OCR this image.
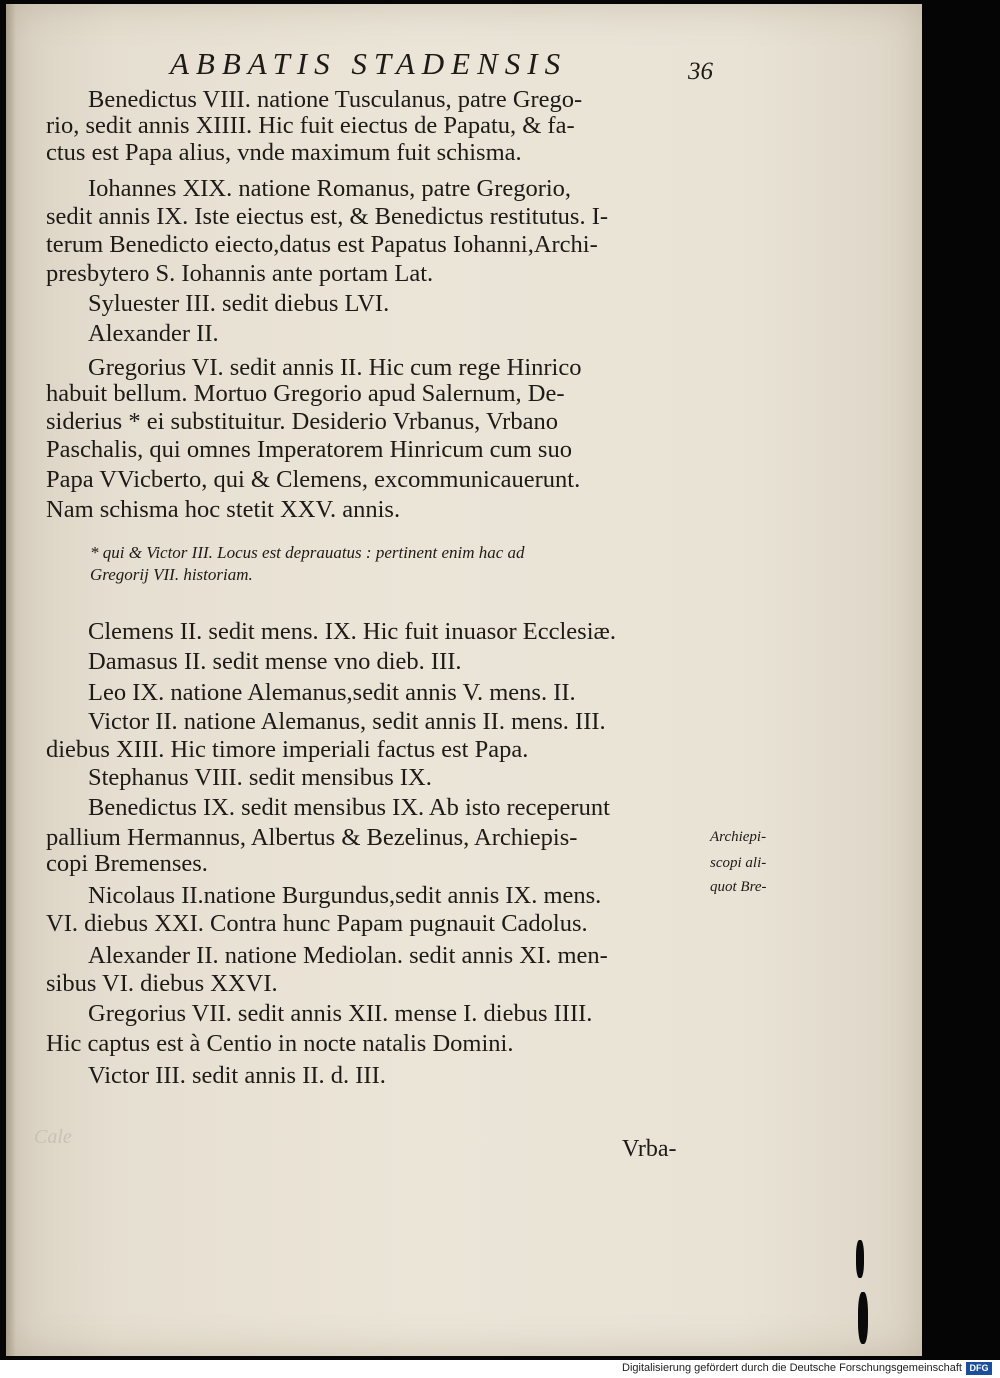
ABBATIS STADENSIS	36
Benedictus VIII. natione Tusculanus, patre Grego-
rio, sedit annis XIIII. Hic fuit eiectus de Papatu, & fa-
ctus est Papa alius, vnde maximum fuit schisma.
Iohannes XIX. natione Romanus, patre Gregorio,
sedit annis IX. Iste eiectus est, & Benedictus restitutus. I-
terum Benedicto eiecto,datus est Papatus Iohanni,Archi-
presbytero S. Iohannis ante portam Lat.
Syluester III. sedit diebus LVI.
Alexander II.
Gregorius VI. sedit annis II. Hic cum rege Hinrico
habuit bellum. Mortuo Gregorio apud Salernum, De-
siderius * ei substituitur. Desiderio Vrbanus, Vrbano
Paschalis, qui omnes Imperatorem Hinricum cum suo
Papa VVicberto, qui & Clemens, excommunicauerunt.
Nam schisma hoc stetit XXV. annis.
* qui & Victor III. Locus est deprauatus : pertinent enim hac ad
Gregorij VII. historiam.
Clemens II. sedit mens. IX. Hic fuit inuasor Ecclesiæ.
Damasus II. sedit mense vno dieb. III.
Leo IX. natione Alemanus,sedit annis V. mens. II.
Victor II. natione Alemanus, sedit annis II. mens. III.
diebus XIII. Hic timore imperiali factus est Papa.
Stephanus VIII. sedit mensibus IX.
Benedictus IX. sedit mensibus IX. Ab isto receperunt
pallium Hermannus, Albertus & Bezelinus, Archiepis-
copi Bremenses.
Nicolaus II.natione Burgundus,sedit annis IX. mens.
VI. diebus XXI. Contra hunc Papam pugnauit Cadolus.
Alexander II. natione Mediolan. sedit annis XI. men-
sibus VI. diebus XXVI.
Gregorius VII. sedit annis XII. mense I. diebus IIII.
Hic captus est à Centio in nocte natalis Domini.
Victor III. sedit annis II. d. III.
Archiepi-
scopi ali-
quot Bre-
Cale	Vrba-
Digitalisierung gefördert durch die Deutsche Forschungsgemeinschaft DFG
